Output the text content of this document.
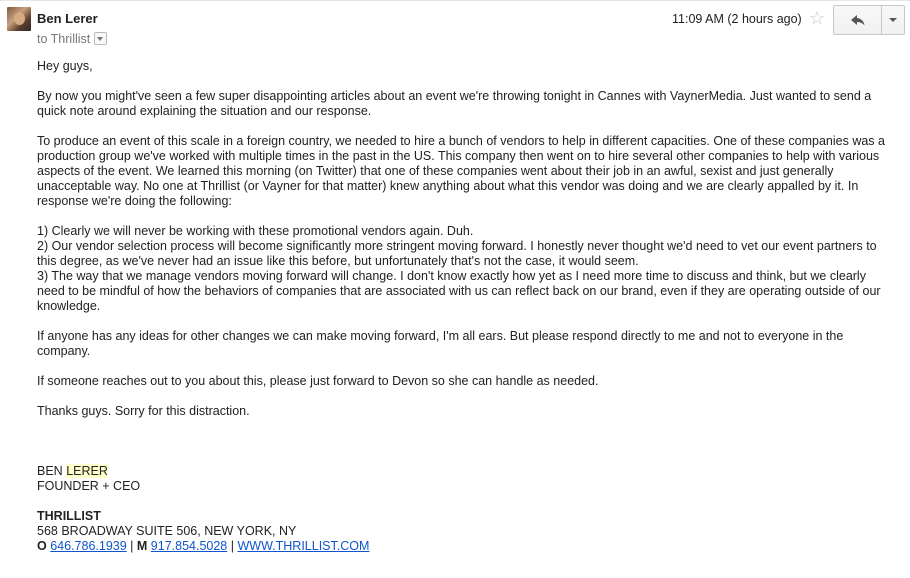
Ben Lerer
to Thrillist
11:09 AM (2 hours ago) ☆

Hey guys,

By now you might've seen a few super disappointing articles about an event we're throwing tonight in Cannes with VaynerMedia. Just wanted to send a quick note around explaining the situation and our response.

To produce an event of this scale in a foreign country, we needed to hire a bunch of vendors to help in different capacities. One of these companies was a production group we've worked with multiple times in the past in the US. This company then went on to hire several other companies to help with various aspects of the event. We learned this morning (on Twitter) that one of these companies went about their job in an awful, sexist and just generally unacceptable way. No one at Thrillist (or Vayner for that matter) knew anything about what this vendor was doing and we are clearly appalled by it. In response we're doing the following:

1) Clearly we will never be working with these promotional vendors again. Duh.
2) Our vendor selection process will become significantly more stringent moving forward. I honestly never thought we'd need to vet our event partners to this degree, as we've never had an issue like this before, but unfortunately that's not the case, it would seem.
3) The way that we manage vendors moving forward will change. I don't know exactly how yet as I need more time to discuss and think, but we clearly need to be mindful of how the behaviors of companies that are associated with us can reflect back on our brand, even if they are operating outside of our knowledge.

If anyone has any ideas for other changes we can make moving forward, I'm all ears. But please respond directly to me and not to everyone in the company.

If someone reaches out to you about this, please just forward to Devon so she can handle as needed.

Thanks guys. Sorry for this distraction.

BEN LERER

FOUNDER + CEO

THRILLIST

568 BROADWAY SUITE 506, NEW YORK, NY

O 646.786.1939 | M 917.854.5028 | WWW.THRILLIST.COM
